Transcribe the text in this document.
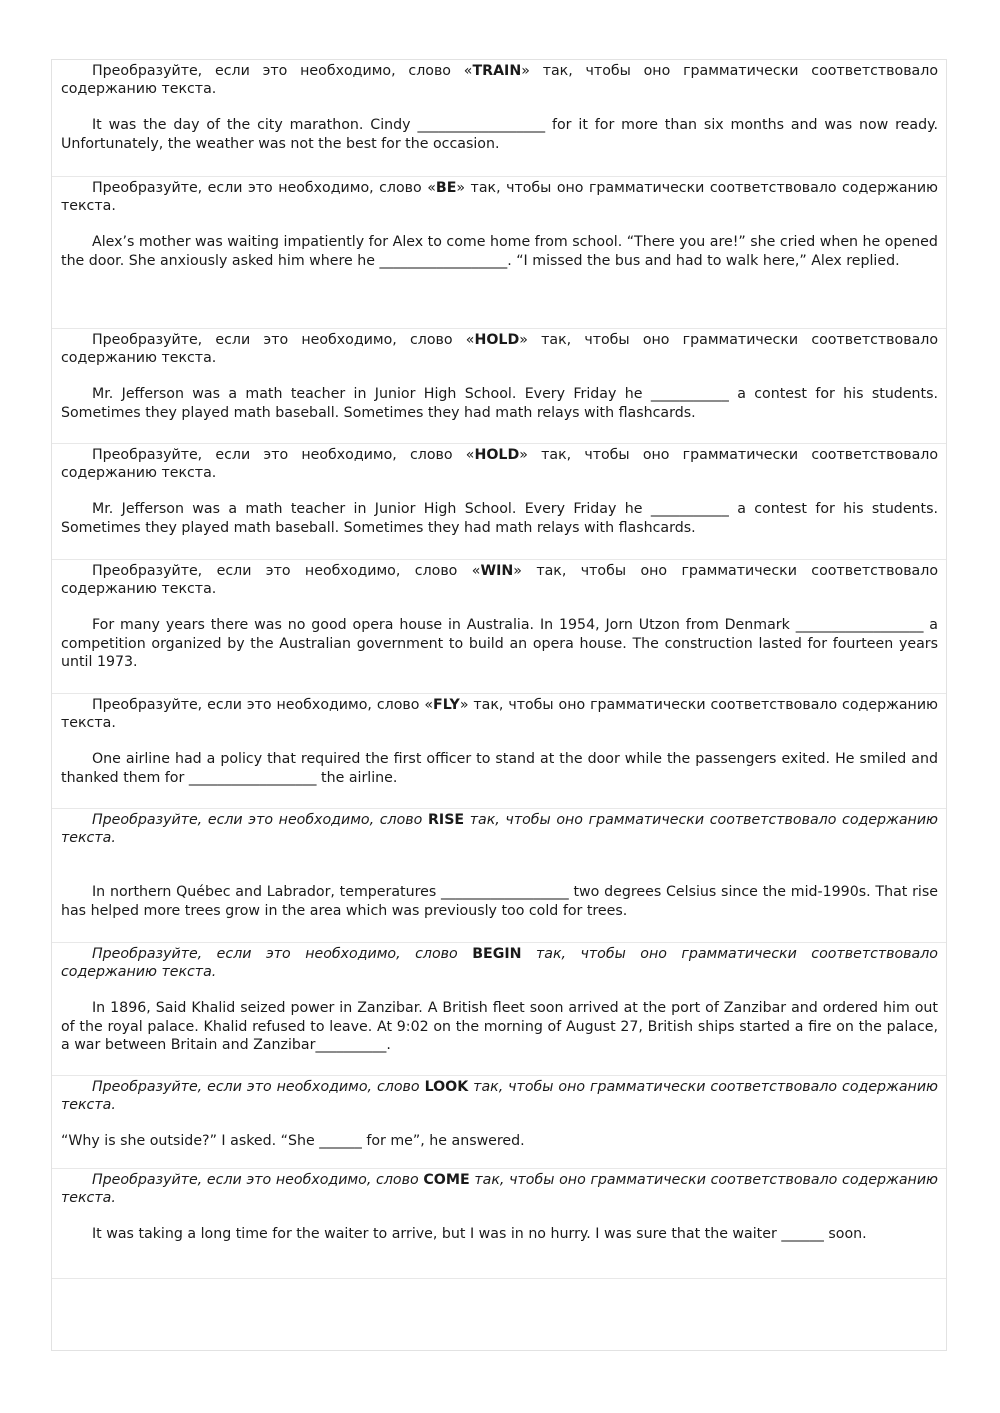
Преобразуйте, если это необходимо, слово «TRAIN» так, чтобы оно грамматически соответствовало содержанию текста.

It was the day of the city marathon. Cindy __________________ for it for more than six months and was now ready. Unfortunately, the weather was not the best for the occasion.

Преобразуйте, если это необходимо, слово «BE» так, чтобы оно грамматически соответствовало содержанию текста.

Alex’s mother was waiting impatiently for Alex to come home from school. “There you are!” she cried when he opened

the door. She anxiously asked him where he __________________. “I missed the bus and had to walk here,” Alex replied.

Преобразуйте, если это необходимо, слово «HOLD» так, чтобы оно грамматически соответствовало содержанию текста.

Mr. Jefferson was a math teacher in Junior High School. Every Friday he ___________ a contest for his students. Sometimes they played math baseball. Sometimes they had math relays with flashcards.

Преобразуйте, если это необходимо, слово «HOLD» так, чтобы оно грамматически соответствовало содержанию текста.

Mr. Jefferson was a math teacher in Junior High School. Every Friday he ___________ a contest for his students. Sometimes they played math baseball. Sometimes they had math relays with flashcards.

Преобразуйте, если это необходимо, слово «WIN» так, чтобы оно грамматически соответствовало содержанию текста.

For many years there was no good opera house in Australia. In 1954, Jorn Utzon from Denmark __________________ a competition organized by the Australian government to build an opera house. The construction lasted for fourteen years until 1973.

Преобразуйте, если это необходимо, слово «FLY» так, чтобы оно грамматически соответствовало содержанию текста.

One airline had a policy that required the first officer to stand at the door while the passengers exited. He smiled and thanked them for __________________ the airline.

Преобразуйте, если это необходимо, слово RISE так, чтобы оно грамматически соответствовало содержанию текста.

In northern Québec and Labrador, temperatures __________________ two degrees Celsius since the mid-1990s. That rise has helped more trees grow in the area which was previously too cold for trees.

Преобразуйте, если это необходимо, слово BEGIN так, чтобы оно грамматически соответствовало содержанию текста.

In 1896, Said Khalid seized power in Zanzibar. A British fleet soon arrived at the port of Zanzibar and ordered him out of the royal palace. Khalid refused to leave. At 9:02 on the morning of August 27, British ships started a fire on the palace, a war between Britain and Zanzibar__________.

Преобразуйте, если это необходимо, слово LOOK так, чтобы оно грамматически соответствовало содержанию текста.

“Why is she outside?” I asked. “She ______ for me”, he answered.

Преобразуйте, если это необходимо, слово COME так, чтобы оно грамматически соответствовало содержанию текста.

It was taking a long time for the waiter to arrive, but I was in no hurry. I was sure that the waiter ______ soon.
